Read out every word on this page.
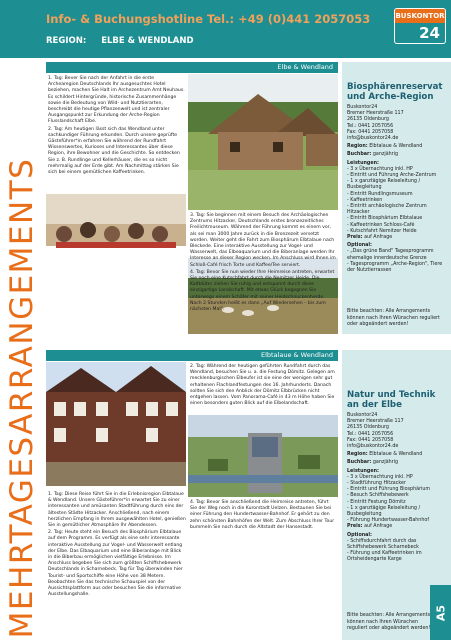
Info- & Buchungshotline Tel.: +49 (0)441 2057053
REGION: ELBE & WENDLAND
BUSKONTOR
24
MEHRTAGESARRANGEMENTS
Elbe & Wendland

1. Tag: Bever Sie nach der Anfahrt in die erste Archearegion Deutschlands Ihr ausgesuchtes Hotel beziehen, machen Sie Halt im Archezentrum Amt Neuhaus. Es schildert Hintergründe, historische Zusammenhänge sowie die Bedeutung von Wild- und Nutztierarten, beschreibt die heutige Pflanzenwelt und ist zentraler Ausgangspunkt zur Erkundung der Arche-Region Flusslandschaft Elbe.

2. Tag: Am heutigen lässt sich das Wendland unter sachkundiger Führung erkunden. Durch unsere geprüfte Gästeführer*in erfahren Sie während der Rundfahrt Wissenswertes, Kurioses und Interessantes über diese Region, ihre Bewohner und die Geschichte. So entdecken Sie z. B. Rundlinge und Kellerhäuser, die es so nicht mehrmalig auf der Erde gibt. Am Nachmittag stärken Sie sich bei einem gemütlichen Kaffeetrinken.

3. Tag: Sie beginnen mit einem Besuch des Archäologischen Zentrums Hitzacker, Deutschlands erstes bronzezeitliches Freilichtmuseum. Während der Führung kommt es einem vor, als sei man 3000 Jahre zurück in die Bronzezeit versetzt worden. Weiter geht die Fahrt zum Biosphärum Elbtalaue nach Bleckede. Eine interaktive Ausstellung zur Vogel- und Wasserwelt, das Elbeaquarium und die Biberanlage werden Ihr Interesse an dieser Region wecken. Im Anschluss wird Ihnen im Schloß-Café frisch Torte und Kaffee/Tee serviert.

4. Tag: Bevor Sie nun wieder Ihre Heimreise antreten, erwartet Sie noch eine Kutschfahrt durch die Nemitzer Heide. Die Kaltblüter ziehen Sie ruhig und entspannt durch diese einzigartige Landschaft. Mit etwas Glück begegnen Sie unterwegs einem Schäfer mit seiner Heidschnuckenherde. Nach 2 Stunden heißt es dann „Auf Wiedersehen – bis zum nächsten Mal".

Biosphärenreservat und Arche-Region
Buskontor24
Bremer Heerstraße 117
26135 Oldenburg
Tel.: 0441 2057056
Fax: 0441 2057058
info@buskontor24.de
Region: Elbtalaue & Wendland
Buchbar: ganzjährig
Leistungen:
- 3 x Übernachtung inkl. HP
- Eintritt und Führung Arche-Zentrum
- 1 x ganztägige Reiseleitung / Busbegleitung
- Eintritt Rundlingsmuseum
- Kaffeetrinken
- Eintritt archäologische Zentrum Hitzacker
- Eintritt Biosphärium Elbtalaue
- Kaffeetrinken Schloss-Café
- Kutschfahrt Nemitzer Heide
Preis: auf Anfrage
Optional:
- „Das grüne Band" Tagesprogramm ehemalige innerdeutsche Grenze
- Tagesprogramm „Arche-Region", Tiere der Nutztierrassen
Bitte beachten: Alle Arrangements können nach Ihren Wünschen reguliert oder abgeändert werden!
Elbtalaue & Wendland

2. Tag: Während der heutigen geführten Rundfahrt durch das Wendland, besuchen Sie u. a. die Festung Dömitz. Gelegen am mecklenburgischen Elbeufer ist sie eine der wenigen sehr gut erhaltenen Flachlandfestungen des 16. Jahrhunderts. Danach sollten Sie sich den Anblick der Dömitz Elbbrücken nicht entgehen lassen. Vom Panorama-Café in 43 m Höhe haben Sie einen besonders guten Blick auf die Elbelandschaft.

1. Tag: Diese Reise führt Sie in die Erlebnisregion Elbtalaue & Wendland. Unsere Gästeführer*in erwartet Sie zu einer interessanten und amüsanten Stadtführung durch eins der ältesten Städte Hitzacker. Anschließend, nach einem herzlichen Empfang in Ihrem ausgewählten Hotel, genießen Sie in gemütlicher Atmosphäre Ihr Abendessen.

2. Tag: Heute steht ein Besuch des Biosphärium Elbtalaue auf dem Programm. Es verfügt als eine sehr interessante interaktive Ausstellung zur Vogel- und Wasserwelt entlang der Elbe. Das Elbaquarium und eine Biberanlage mit Blick in die Biberbau ermöglichen vielfältige Erlebnisse. Im Anschluss begeben Sie sich zum größten Schiffshebewerk Deutschlands in Scharnebeck. Tag für Tag überwinden hier Tourist- und Sportschiffe eine Höhe von 38 Metern. Beobachten Sie das technische Schauspiel von der Aussichtsplattform aus oder besuchen Sie die informative Ausstellungshalle.

4. Tag: Bevor Sie anschließend die Heimreise antreten, führt Sie der Weg noch in die Kurorstadt Uelzen. Bestaunen Sie bei einer Führung den Hundertwasser-Bahnhof. Er gehört zu den zehn schönsten Bahnhöfen der Welt. Zum Abschluss Ihrer Tour bummeln Sie noch durch die Altstadt der Hansestadt.

Natur und Technik an der Elbe
Buskontor24
Bremer Heerstraße 117
26135 Oldenburg
Tel.: 0441 2057056
Fax: 0441 2057058
info@buskontor24.de
Region: Elbtalaue & Wendland
Buchbar: ganzjährig
Leistungen:
- 3 x Übernachtung inkl. HP
- Stadtführung Hitzacker
- Eintritt und Führung Biosphärium
- Besuch Schiffshebewerk
- Eintritt Festung Dömitz
- 1 x ganztägige Reiseleitung / Busbegleitung
- Führung Hundertwasser-Bahnhof
Preis: auf Anfrage
Optional:
- Schiffsdurchfahrt durch das Schiffshebewerk Scharnebeck
- Führung und Kaffeetrinken im Ortsheidengarte Kargе
Bitte beachten: Alle Arrangements können nach Ihren Wünschen reguliert oder abgeändert werden!
A5
